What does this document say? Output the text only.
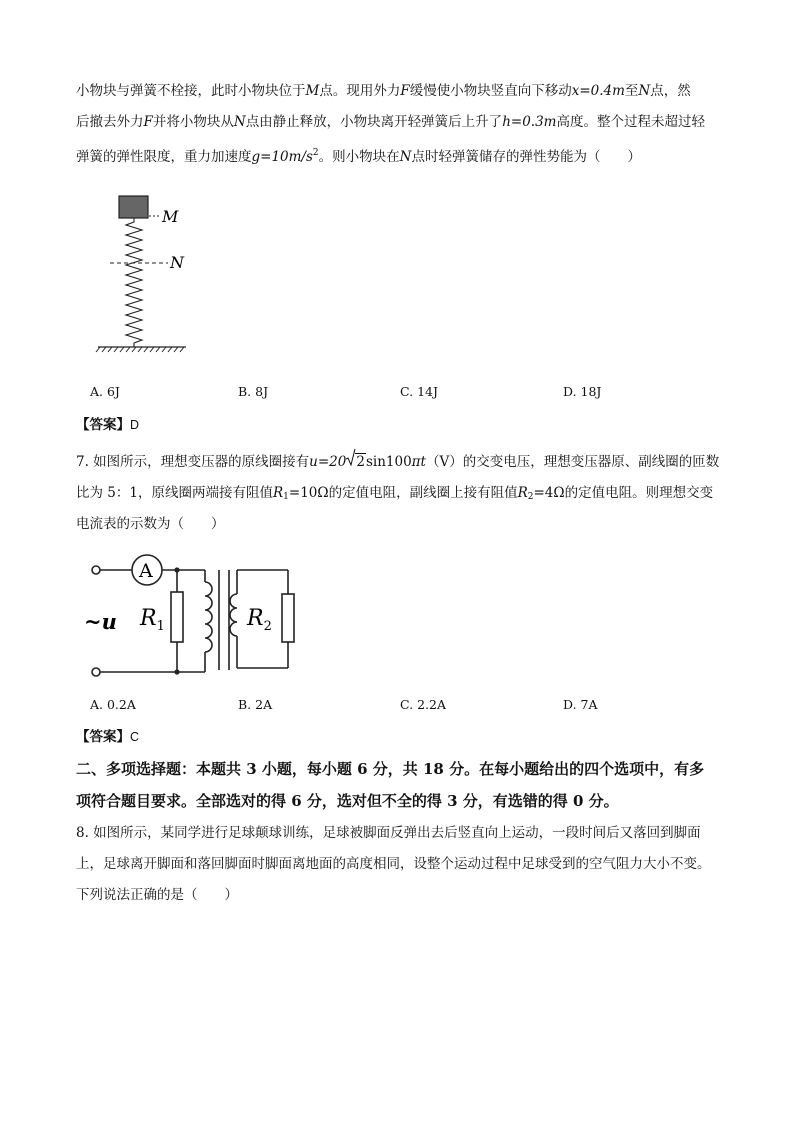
小物块与弹簧不栓接，此时小物块位于M点。现用外力F缓慢使小物块竖直向下移动x=0.4m至N点，然

后撤去外力F并将小物块从N点由静止释放，小物块离开轻弹簧后上升了h=0.3m高度。整个过程未超过轻

弹簧的弹性限度，重力加速度$g=10m/s^2$。则小物块在N点时轻弹簧储存的弹性势能为（　　）

M
N
A. 6J	B. 8J	C. 14J	D. 18J
【答案】D

7. 如图所示，理想变压器的原线圈接有u=20 2sin100πt（V）的交变电压，理想变压器原、副线圈的匝数

比为 5：1，原线圈两端接有阻值$R_1=10\Omega$的定值电阻，副线圈上接有阻值$R_2=4\Omega$的定值电阻。则理想交变

电流表的示数为（　　）

A
~u $R_1$	$R_2$
A. 0.2A	B. 2A	C. 2.2A	D. 7A
【答案】C

二、多项选择题：本题共 3 小题，每小题 6 分，共 18 分。在每小题给出的四个选项中，有多

项符合题目要求。全部选对的得 6 分，选对但不全的得 3 分，有选错的得 0 分。

8. 如图所示，某同学进行足球颠球训练，足球被脚面反弹出去后竖直向上运动，一段时间后又落回到脚面

上，足球离开脚面和落回脚面时脚面离地面的高度相同，设整个运动过程中足球受到的空气阻力大小不变。

下列说法正确的是（　　）
